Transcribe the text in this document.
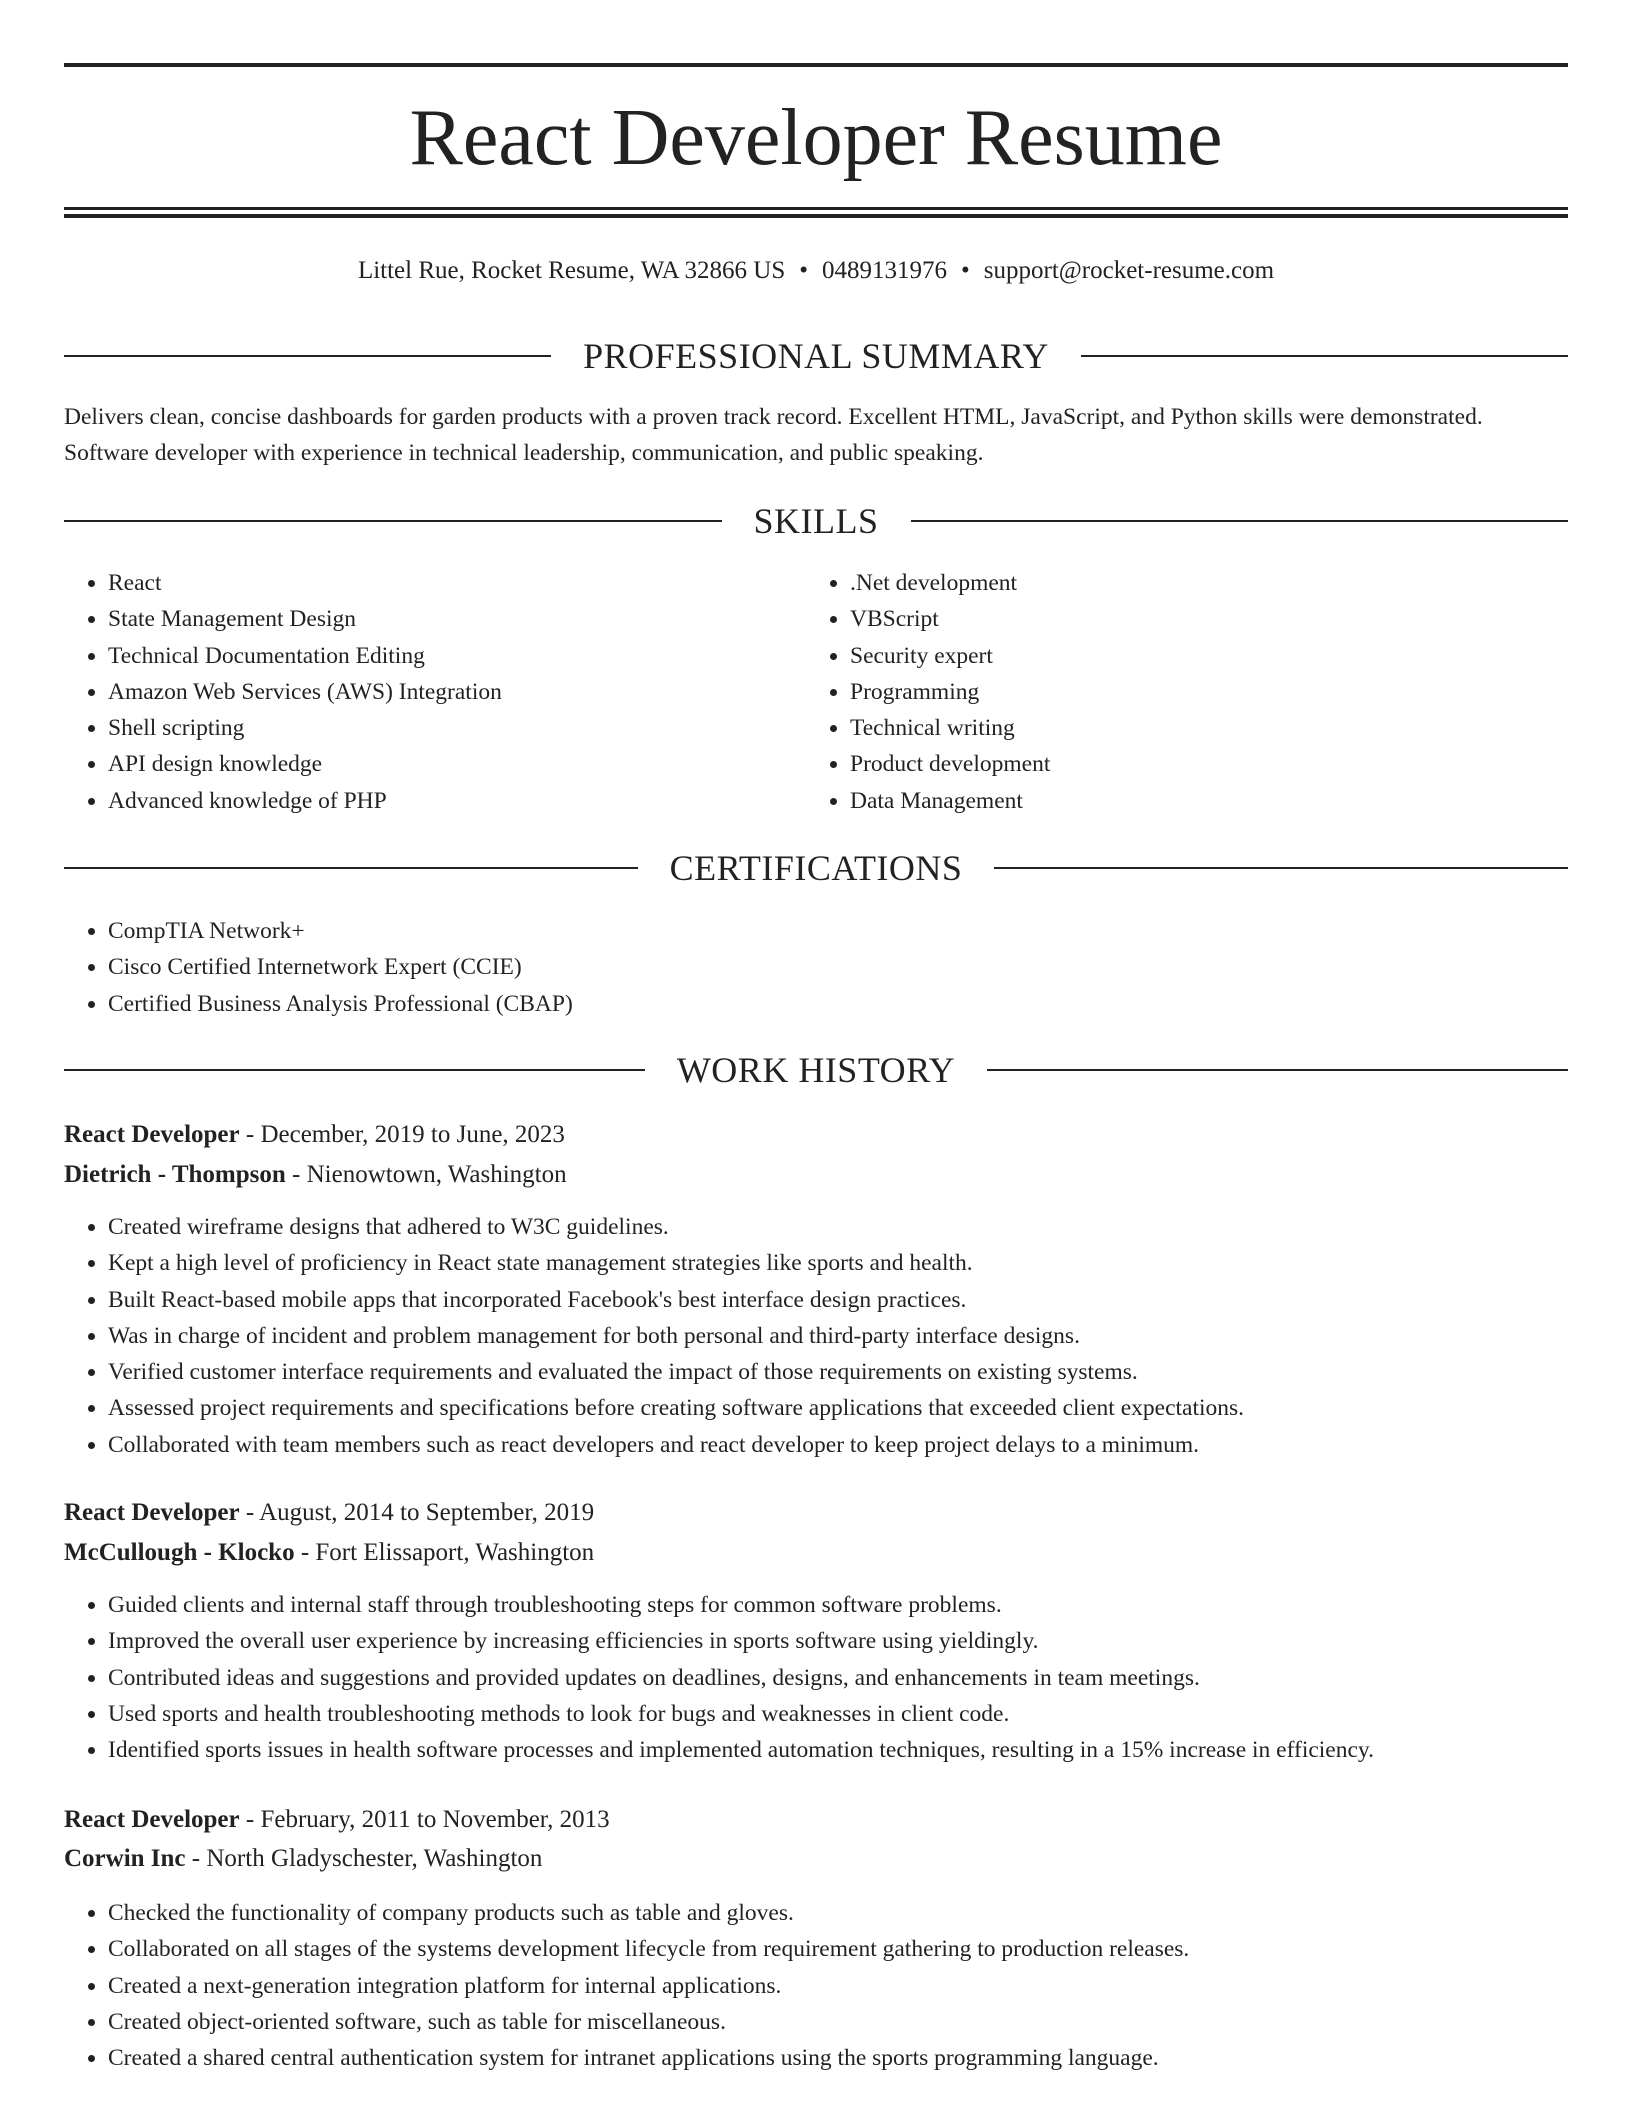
React Developer Resume
Littel Rue, Rocket Resume, WA 32866 US • 0489131976 • support@rocket-resume.com
PROFESSIONAL SUMMARY

Delivers clean, concise dashboards for garden products with a proven track record. Excellent HTML, JavaScript, and Python skills were demonstrated. Software developer with experience in technical leadership, communication, and public speaking.

SKILLS
• React
• State Management Design
• Technical Documentation Editing
• Amazon Web Services (AWS) Integration
• Shell scripting
• API design knowledge
• Advanced knowledge of PHP
• .Net development
• VBScript
• Security expert
• Programming
• Technical writing
• Product development
• Data Management
CERTIFICATIONS
• CompTIA Network+
• Cisco Certified Internetwork Expert (CCIE)
• Certified Business Analysis Professional (CBAP)
WORK HISTORY
React Developer - December, 2019 to June, 2023
Dietrich - Thompson - Nienowtown, Washington
• Created wireframe designs that adhered to W3C guidelines.
• Kept a high level of proficiency in React state management strategies like sports and health.
• Built React-based mobile apps that incorporated Facebook's best interface design practices.
• Was in charge of incident and problem management for both personal and third-party interface designs.
• Verified customer interface requirements and evaluated the impact of those requirements on existing systems.
• Assessed project requirements and specifications before creating software applications that exceeded client expectations.
• Collaborated with team members such as react developers and react developer to keep project delays to a minimum.
React Developer - August, 2014 to September, 2019
McCullough - Klocko - Fort Elissaport, Washington
• Guided clients and internal staff through troubleshooting steps for common software problems.
• Improved the overall user experience by increasing efficiencies in sports software using yieldingly.
• Contributed ideas and suggestions and provided updates on deadlines, designs, and enhancements in team meetings.
• Used sports and health troubleshooting methods to look for bugs and weaknesses in client code.
• Identified sports issues in health software processes and implemented automation techniques, resulting in a 15% increase in efficiency.
React Developer - February, 2011 to November, 2013
Corwin Inc - North Gladyschester, Washington
• Checked the functionality of company products such as table and gloves.
• Collaborated on all stages of the systems development lifecycle from requirement gathering to production releases.
• Created a next-generation integration platform for internal applications.
• Created object-oriented software, such as table for miscellaneous.
• Created a shared central authentication system for intranet applications using the sports programming language.
